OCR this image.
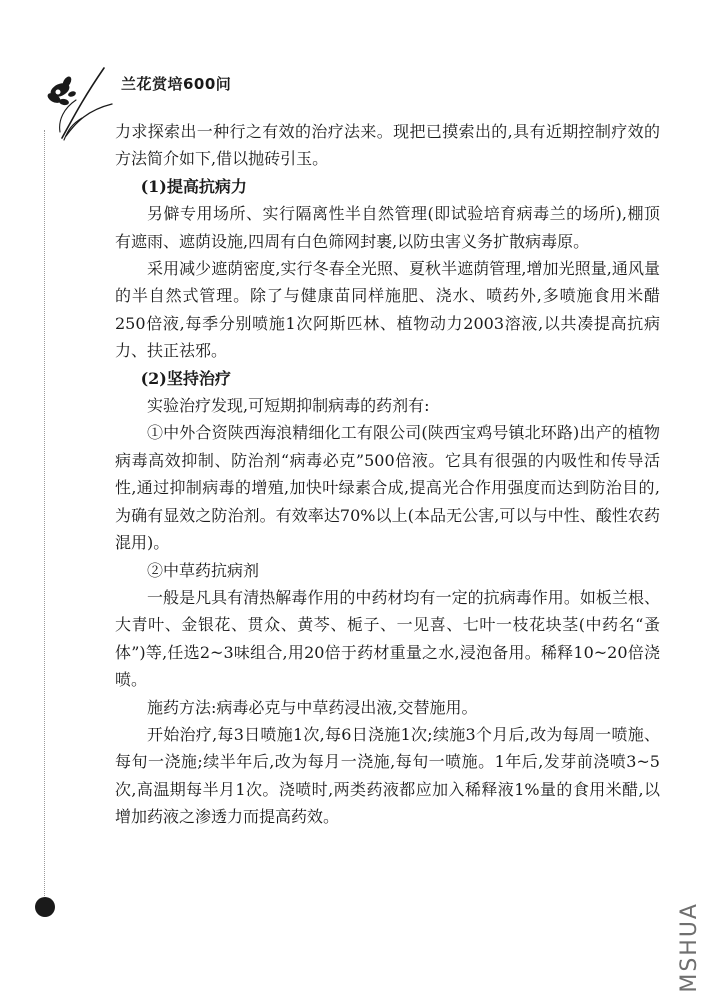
兰花赏培600问

力求探索出一种行之有效的治疗法来。现把已摸索出的,具有近期控制疗效的方法简介如下,借以抛砖引玉。

(1)提高抗病力

另僻专用场所、实行隔离性半自然管理(即试验培育病毒兰的场所),棚顶有遮雨、遮荫设施,四周有白色筛网封裹,以防虫害义务扩散病毒原。

采用减少遮荫密度,实行冬春全光照、夏秋半遮荫管理,增加光照量,通风量的半自然式管理。除了与健康苗同样施肥、浇水、喷药外,多喷施食用米醋250倍液,每季分别喷施1次阿斯匹林、植物动力2003溶液,以共凑提高抗病力、扶正祛邪。

(2)坚持治疗

实验治疗发现,可短期抑制病毒的药剂有:

①中外合资陕西海浪精细化工有限公司(陕西宝鸡号镇北环路)出产的植物病毒高效抑制、防治剂“病毒必克”500倍液。它具有很强的内吸性和传导活性,通过抑制病毒的增殖,加快叶绿素合成,提高光合作用强度而达到防治目的,为确有显效之防治剂。有效率达70%以上(本品无公害,可以与中性、酸性农药混用)。

②中草药抗病剂

一般是凡具有清热解毒作用的中药材均有一定的抗病毒作用。如板兰根、大青叶、金银花、贯众、黄芩、栀子、一见喜、七叶一枝花块茎(中药名“蚤体”)等,任选2~3味组合,用20倍于药材重量之水,浸泡备用。稀释10~20倍浇喷。

施药方法:病毒必克与中草药浸出液,交替施用。

开始治疗,每3日喷施1次,每6日浇施1次;续施3个月后,改为每周一喷施、每旬一浇施;续半年后,改为每月一浇施,每旬一喷施。1年后,发芽前浇喷3~5次,高温期每半月1次。浇喷时,两类药液都应加入稀释液1%量的食用米醋,以增加药液之渗透力而提高药效。

MSHUA
